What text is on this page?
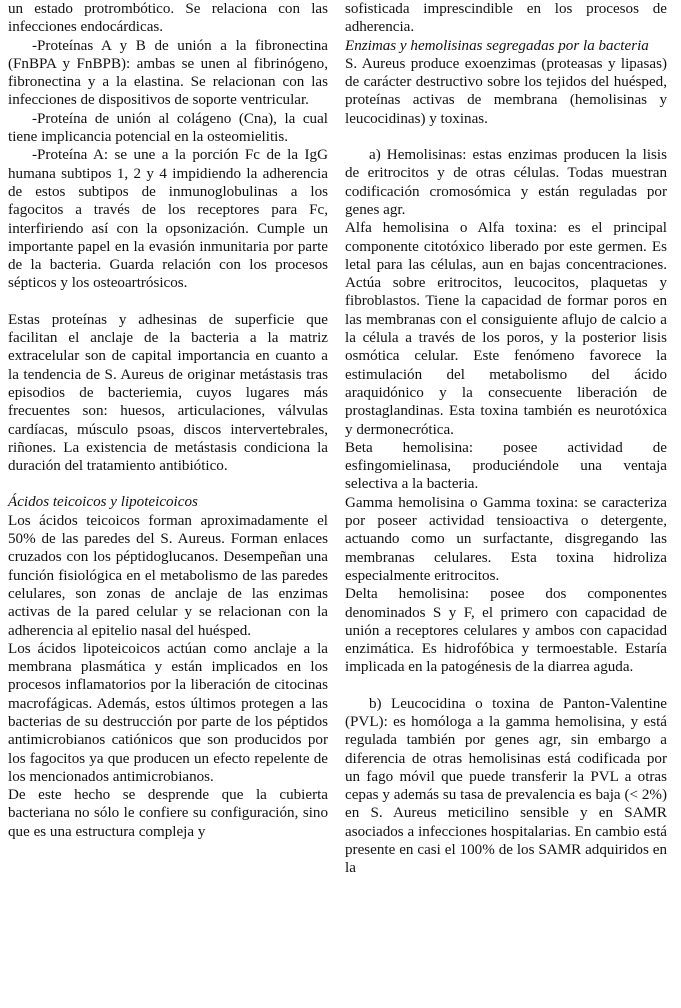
un estado protrombótico. Se relaciona con las infecciones endocárdicas.

-Proteínas A y B de unión a la fibronectina (FnBPA y FnBPB): ambas se unen al fibrinógeno, fibronectina y a la elastina. Se relacionan con las infecciones de dispositivos de soporte ventricular.

-Proteína de unión al colágeno (Cna), la cual tiene implicancia potencial en la osteomielitis.

-Proteína A: se une a la porción Fc de la IgG humana subtipos 1, 2 y 4 impidiendo la adherencia de estos subtipos de inmunoglobulinas a los fagocitos a través de los receptores para Fc, interfiriendo así con la opsonización. Cumple un importante papel en la evasión inmunitaria por parte de la bacteria. Guarda relación con los procesos sépticos y los osteoartrósicos.

Estas proteínas y adhesinas de superficie que facilitan el anclaje de la bacteria a la matriz extracelular son de capital importancia en cuanto a la tendencia de S. Aureus de originar metástasis tras episodios de bacteriemia, cuyos lugares más frecuentes son: huesos, articulaciones, válvulas cardíacas, músculo psoas, discos intervertebrales, riñones. La existencia de metástasis condiciona la duración del tratamiento antibiótico.

Ácidos teicoicos y lipoteicoicos

Los ácidos teicoicos forman aproximadamente el 50% de las paredes del S. Aureus. Forman enlaces cruzados con los péptidoglucanos. Desempeñan una función fisiológica en el metabolismo de las paredes celulares, son zonas de anclaje de las enzimas activas de la pared celular y se relacionan con la adherencia al epitelio nasal del huésped.

Los ácidos lipoteicoicos actúan como anclaje a la membrana plasmática y están implicados en los procesos inflamatorios por la liberación de citocinas macrofágicas. Además, estos últimos protegen a las bacterias de su destrucción por parte de los péptidos antimicrobianos catiónicos que son producidos por los fagocitos ya que producen un efecto repelente de los mencionados antimicrobianos.

De este hecho se desprende que la cubierta bacteriana no sólo le confiere su configuración, sino que es una estructura compleja y

sofisticada imprescindible en los procesos de adherencia.

Enzimas y hemolisinas segregadas por la bacteria

S. Aureus produce exoenzimas (proteasas y lipasas) de carácter destructivo sobre los tejidos del huésped, proteínas activas de membrana (hemolisinas y leucocidinas) y toxinas.

a) Hemolisinas: estas enzimas producen la lisis de eritrocitos y de otras células. Todas muestran codificación cromosómica y están reguladas por genes agr.

Alfa hemolisina o Alfa toxina: es el principal componente citotóxico liberado por este germen. Es letal para las células, aun en bajas concentraciones. Actúa sobre eritrocitos, leucocitos, plaquetas y fibroblastos. Tiene la capacidad de formar poros en las membranas con el consiguiente aflujo de calcio a la célula a través de los poros, y la posterior lisis osmótica celular. Este fenómeno favorece la estimulación del metabolismo del ácido araquidónico y la consecuente liberación de prostaglandinas. Esta toxina también es neurotóxica y dermonecrótica.

Beta hemolisina: posee actividad de esfingomielinasa, produciéndole una ventaja selectiva a la bacteria.

Gamma hemolisina o Gamma toxina: se caracteriza por poseer actividad tensioactiva o detergente, actuando como un surfactante, disgregando las membranas celulares. Esta toxina hidroliza especialmente eritrocitos.

Delta hemolisina: posee dos componentes denominados S y F, el primero con capacidad de unión a receptores celulares y ambos con capacidad enzimática. Es hidrofóbica y termoestable. Estaría implicada en la patogénesis de la diarrea aguda.

b) Leucocidina o toxina de Panton-Valentine (PVL): es homóloga a la gamma hemolisina, y está regulada también por genes agr, sin embargo a diferencia de otras hemolisinas está codificada por un fago móvil que puede transferir la PVL a otras cepas y además su tasa de prevalencia es baja (< 2%) en S. Aureus meticilino sensible y en SAMR asociados a infecciones hospitalarias. En cambio está presente en casi el 100% de los SAMR adquiridos en la
